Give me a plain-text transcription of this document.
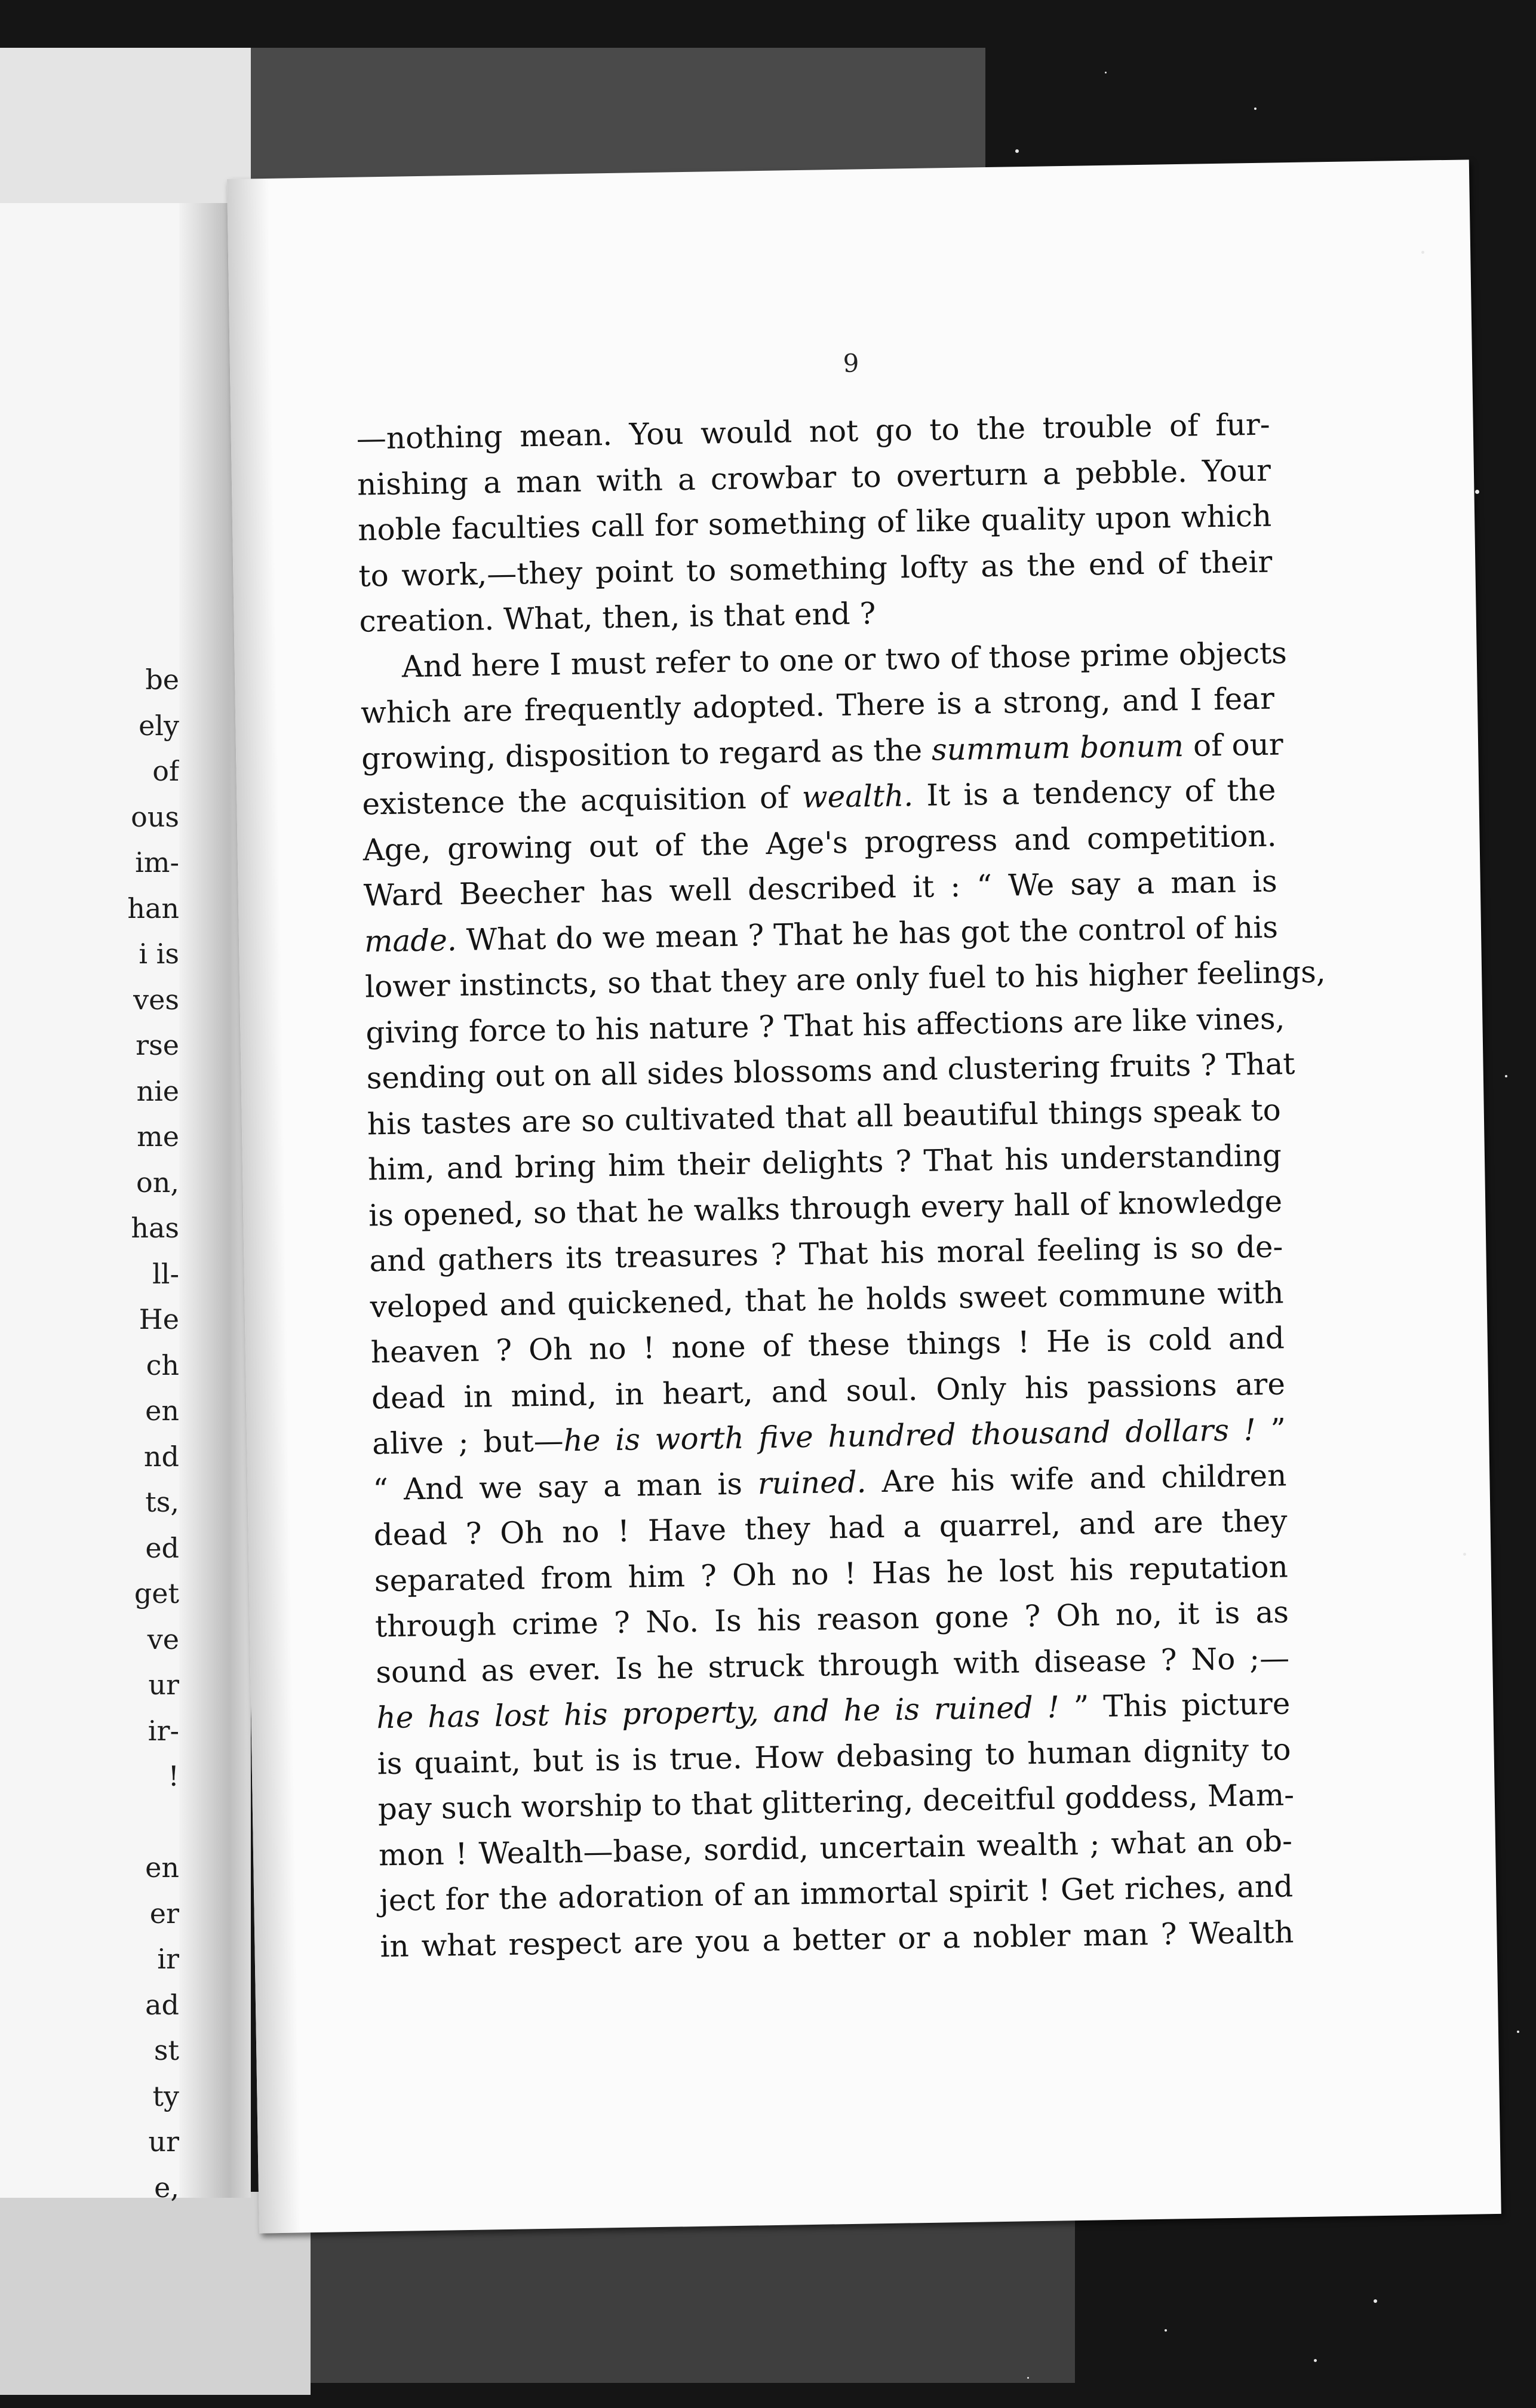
be
ely
of
ous
im-
han
i is
ves
rse
nie
me
on,
has
ll-
He
ch
en
nd
ts,
ed
get
ve
ur
ir-
!
en
er
ir
ad
st
ty
ur
e,
9
—nothing mean. You would not go to the trouble of fur-
nishing a man with a crowbar to overturn a pebble. Your
noble faculties call for something of like quality upon which
to work,—they point to something lofty as the end of their
creation. What, then, is that end ?
And here I must refer to one or two of those prime objects
which are frequently adopted. There is a strong, and I fear
growing, disposition to regard as the summum bonum of our
existence the acquisition of wealth. It is a tendency of the
Age, growing out of the Age's progress and competition.
Ward Beecher has well described it : “ We say a man is
made. What do we mean ? That he has got the control of his
lower instincts, so that they are only fuel to his higher feelings,
giving force to his nature ? That his affections are like vines,
sending out on all sides blossoms and clustering fruits ? That
his tastes are so cultivated that all beautiful things speak to
him, and bring him their delights ? That his understanding
is opened, so that he walks through every hall of knowledge
and gathers its treasures ? That his moral feeling is so de-
veloped and quickened, that he holds sweet commune with
heaven ? Oh no ! none of these things ! He is cold and
dead in mind, in heart, and soul. Only his passions are
alive ; but—he is worth five hundred thousand dollars ! ”
“ And we say a man is ruined. Are his wife and children
dead ? Oh no ! Have they had a quarrel, and are they
separated from him ? Oh no ! Has he lost his reputation
through crime ? No. Is his reason gone ? Oh no, it is as
sound as ever. Is he struck through with disease ? No ;—
he has lost his property, and he is ruined ! ” This picture
is quaint, but is is true. How debasing to human dignity to
pay such worship to that glittering, deceitful goddess, Mam-
mon ! Wealth—base, sordid, uncertain wealth ; what an ob-
ject for the adoration of an immortal spirit ! Get riches, and
in what respect are you a better or a nobler man ? Wealth
